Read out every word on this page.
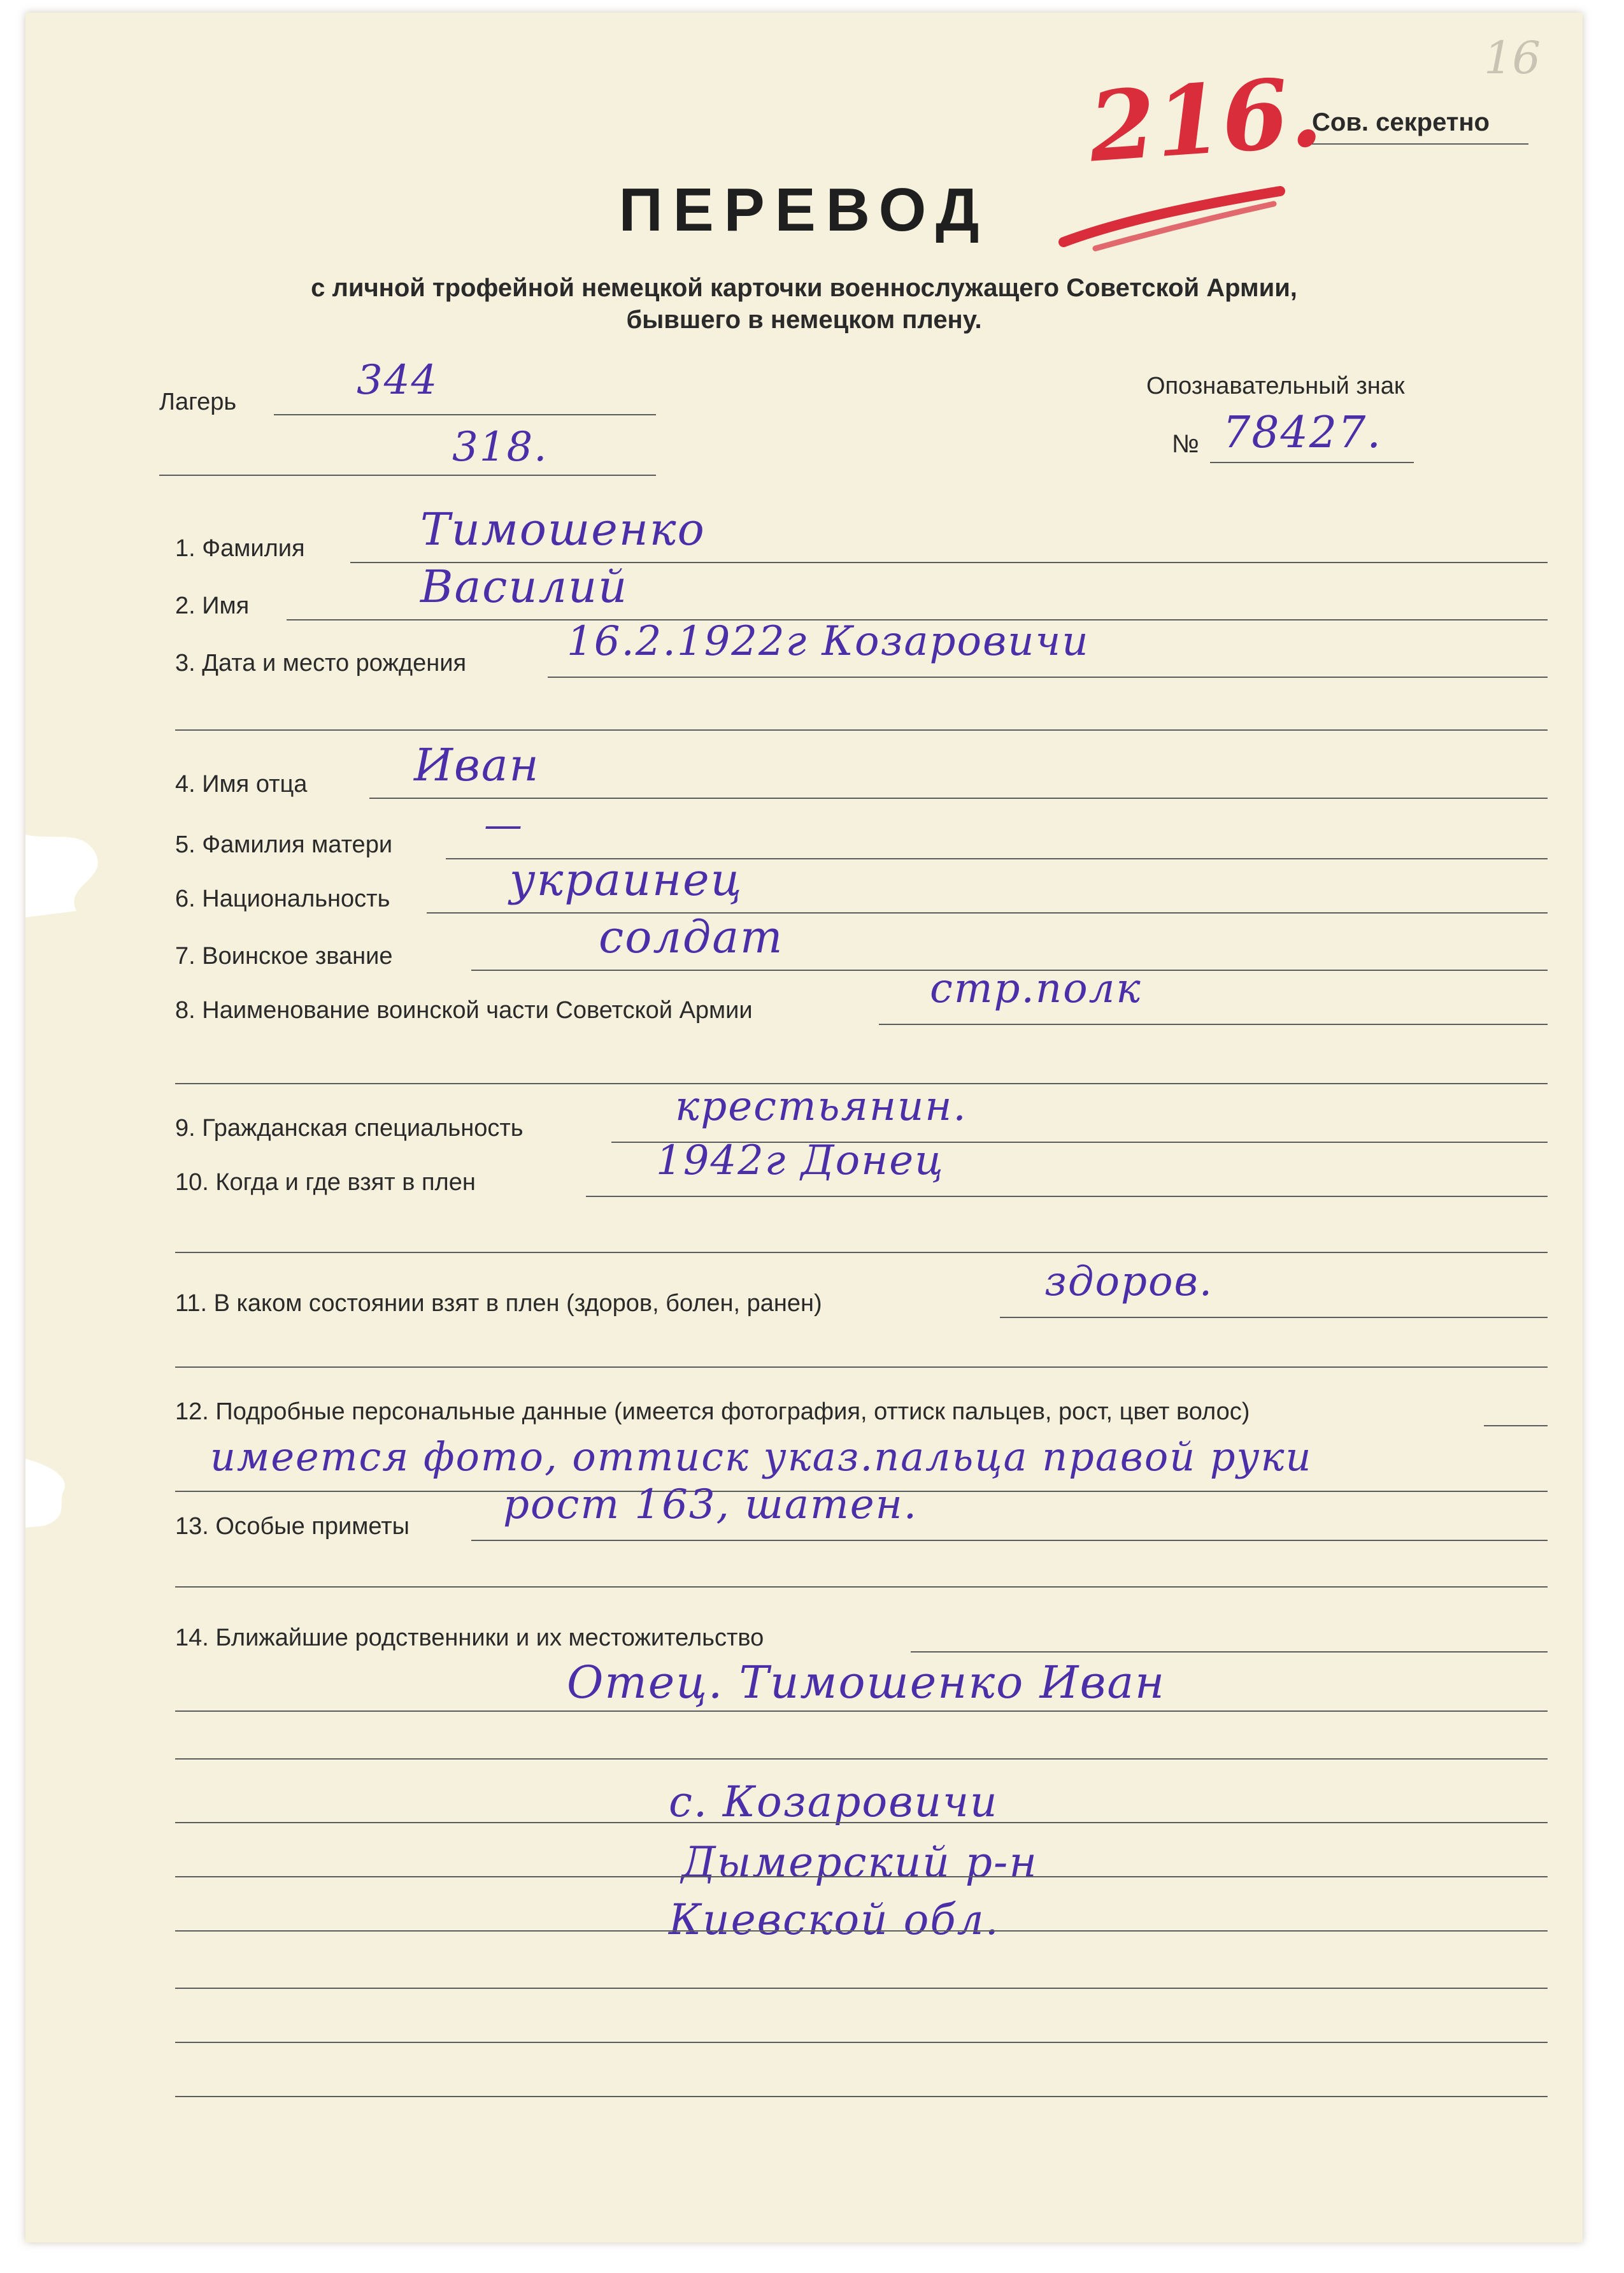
16
216.
Сов. секретно
ПЕРЕВОД
с личной трофейной немецкой карточки военнослужащего Советской Армии,
бывшего в немецком плену.
Лагерь	344
318.
Опознавательный знак
№ 78427.
1. Фамилия	Тимошенко
2. Имя	Василий
3. Дата и место рождения 16.2.1922г Козаровичи
4. Имя отца Иван
5. Фамилия матери —
6. Национальность	украинец
7. Воинское звание	солдат
8. Наименование воинской части Советской Армии	стр.полк
9. Гражданская специальность	крестьянин.
10. Когда и где взят в плен	1942г Донец
11. В каком состоянии взят в плен (здоров, болен, ранен)	здоров.
12. Подробные персональные данные (имеется фотография, оттиск пальцев, рост, цвет волос)
имеется фото, оттиск указ.пальца правой руки
13. Особые приметы рост 163, шатен.
14. Ближайшие родственники и их местожительство
Отец. Тимошенко Иван
с. Козаровичи
Дымерский р-н
Киевской обл.
